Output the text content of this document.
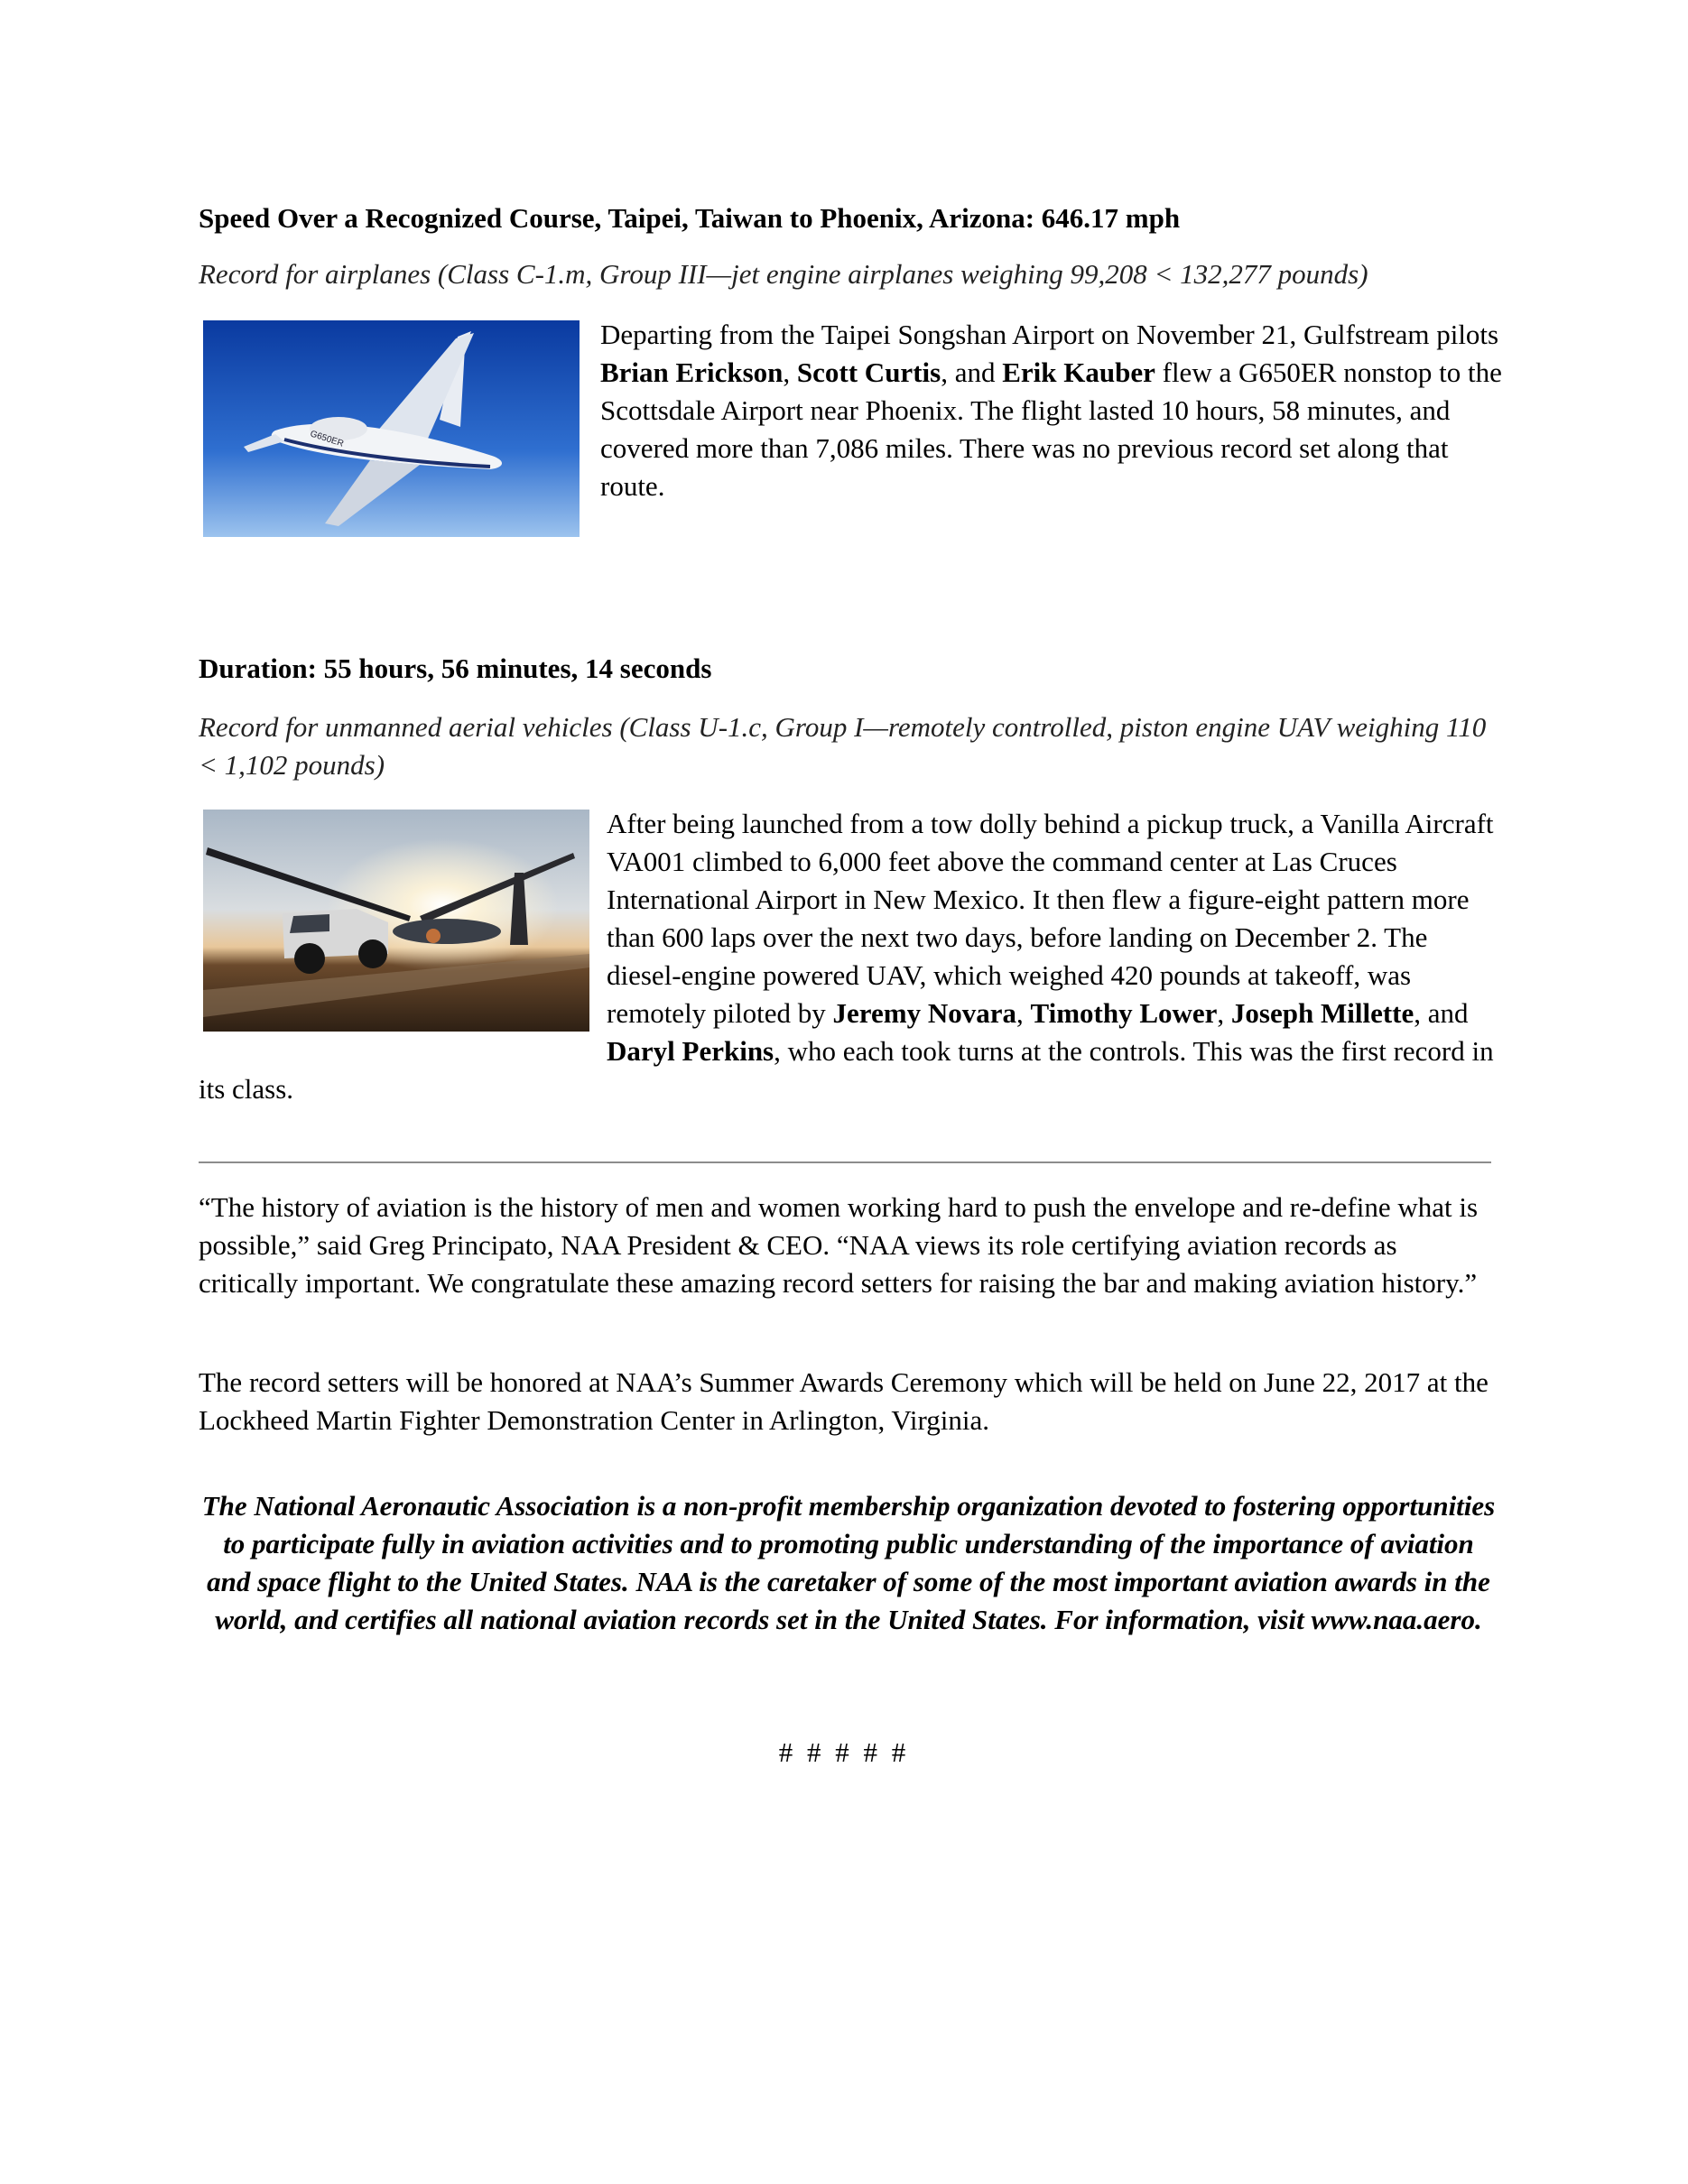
Speed Over a Recognized Course, Taipei, Taiwan to Phoenix, Arizona: 646.17 mph

Record for airplanes (Class C-1.m, Group III—jet engine airplanes weighing 99,208 < 132,277 pounds)

G650ER

Departing from the Taipei Songshan Airport on November 21, Gulfstream pilots Brian Erickson, Scott Curtis, and Erik Kauber flew a G650ER nonstop to the Scottsdale Airport near Phoenix. The flight lasted 10 hours, 58 minutes, and covered more than 7,086 miles. There was no previous record set along that route.

Duration: 55 hours, 56 minutes, 14 seconds

Record for unmanned aerial vehicles (Class U-1.c, Group I—remotely controlled, piston engine UAV weighing 110 < 1,102 pounds)

After being launched from a tow dolly behind a pickup truck, a Vanilla Aircraft VA001 climbed to 6,000 feet above the command center at Las Cruces International Airport in New Mexico. It then flew a figure-eight pattern more than 600 laps over the next two days, before landing on December 2. The diesel-engine powered UAV, which weighed 420 pounds at takeoff, was remotely piloted by Jeremy Novara, Timothy Lower, Joseph Millette, and Daryl Perkins, who each took turns at the controls. This was the first record in its class.

“The history of aviation is the history of men and women working hard to push the envelope and re-define what is possible,” said Greg Principato, NAA President & CEO. “NAA views its role certifying aviation records as critically important. We congratulate these amazing record setters for raising the bar and making aviation history.”

The record setters will be honored at NAA’s Summer Awards Ceremony which will be held on June 22, 2017 at the Lockheed Martin Fighter Demonstration Center in Arlington, Virginia.

The National Aeronautic Association is a non-profit membership organization devoted to fostering opportunities to participate fully in aviation activities and to promoting public understanding of the importance of aviation and space flight to the United States. NAA is the caretaker of some of the most important aviation awards in the world, and certifies all national aviation records set in the United States. For information, visit www.naa.aero.

# # # # #
